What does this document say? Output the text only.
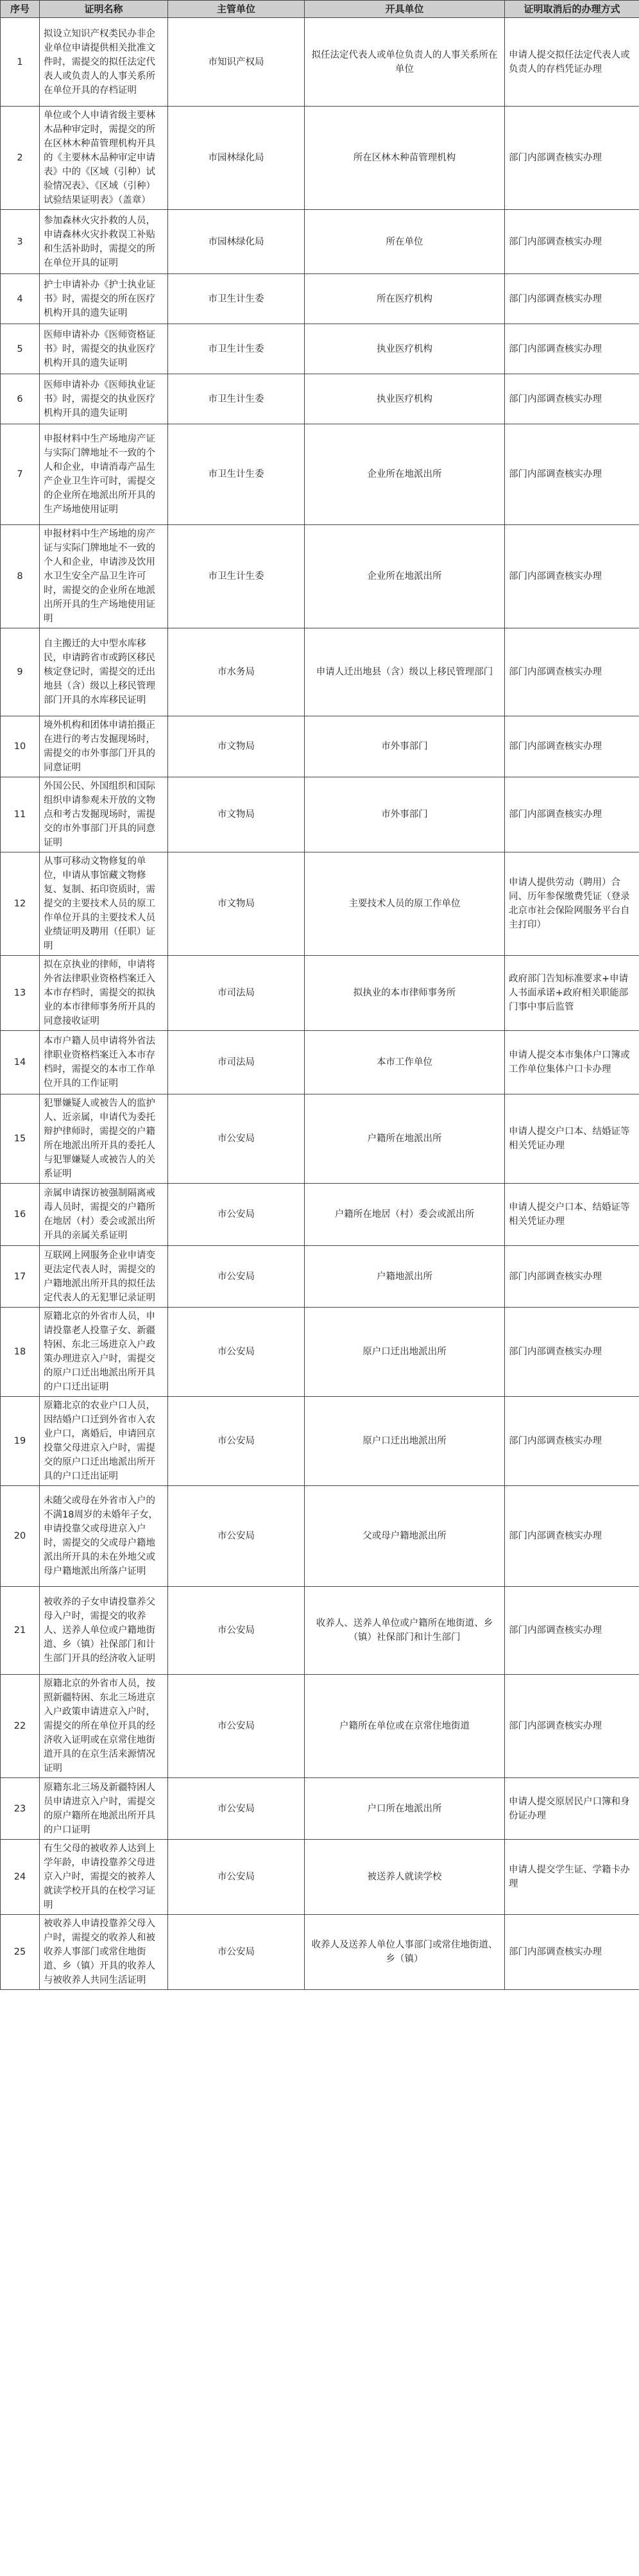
序号	证明名称	主管单位	开具单位	证明取消后的办理方式
1	拟设立知识产权类民办非企业单位申请提供相关批准文件时，需提交的拟任法定代表人或负责人的人事关系所在单位开具的存档证明	市知识产权局	拟任法定代表人或单位负责人的人事关系所在单位	申请人提交拟任法定代表人或负责人的存档凭证办理
2	单位或个人申请省级主要林木品种审定时，需提交的所在区林木种苗管理机构开具的《主要林木品种审定申请表》中的《区域（引种）试验情况表》、《区域（引种）试验结果证明表》（盖章）	市园林绿化局	所在区林木种苗管理机构	部门内部调查核实办理
3	参加森林火灾扑救的人员，申请森林火灾扑救误工补贴和生活补助时，需提交的所在单位开具的证明	市园林绿化局	所在单位	部门内部调查核实办理
4	护士申请补办《护士执业证书》时，需提交的所在医疗机构开具的遗失证明	市卫生计生委	所在医疗机构	部门内部调查核实办理
5	医师申请补办《医师资格证书》时，需提交的执业医疗机构开具的遗失证明	市卫生计生委	执业医疗机构	部门内部调查核实办理
6	医师申请补办《医师执业证书》时，需提交的执业医疗机构开具的遗失证明	市卫生计生委	执业医疗机构	部门内部调查核实办理
7	申报材料中生产场地房产证与实际门牌地址不一致的个人和企业，申请消毒产品生产企业卫生许可时，需提交的企业所在地派出所开具的生产场地使用证明	市卫生计生委	企业所在地派出所	部门内部调查核实办理
8	申报材料中生产场地的房产证与实际门牌地址不一致的个人和企业，申请涉及饮用水卫生安全产品卫生许可时，需提交的企业所在地派出所开具的生产场地使用证明	市卫生计生委	企业所在地派出所	部门内部调查核实办理
9	自主搬迁的大中型水库移民，申请跨省市或跨区移民核定登记时，需提交的迁出地县（含）级以上移民管理部门开具的水库移民证明	市水务局	申请人迁出地县（含）级以上移民管理部门	部门内部调查核实办理
10	境外机构和团体申请拍摄正在进行的考古发掘现场时，需提交的市外事部门开具的同意证明	市文物局	市外事部门	部门内部调查核实办理
11	外国公民、外国组织和国际组织申请参观未开放的文物点和考古发掘现场时，需提交的市外事部门开具的同意证明	市文物局	市外事部门	部门内部调查核实办理
12	从事可移动文物修复的单位，申请从事馆藏文物修复、复制、拓印资质时，需提交的主要技术人员的原工作单位开具的主要技术人员业绩证明及聘用（任职）证明	市文物局	主要技术人员的原工作单位	申请人提供劳动（聘用）合同、历年参保缴费凭证（登录北京市社会保险网服务平台自主打印）
13	拟在京执业的律师，申请将外省法律职业资格档案迁入本市存档时，需提交的拟执业的本市律师事务所开具的同意接收证明	市司法局	拟执业的本市律师事务所	政府部门告知标准要求+申请人书面承诺+政府相关职能部门事中事后监管
14	本市户籍人员申请将外省法律职业资格档案迁入本市存档时，需提交的本市工作单位开具的工作证明	市司法局	本市工作单位	申请人提交本市集体户口簿或工作单位集体户口卡办理
15	犯罪嫌疑人或被告人的监护人、近亲属，申请代为委托辩护律师时，需提交的户籍所在地派出所开具的委托人与犯罪嫌疑人或被告人的关系证明	市公安局	户籍所在地派出所	申请人提交户口本、结婚证等相关凭证办理
16	亲属申请探访被强制隔离戒毒人员时，需提交的户籍所在地居（村）委会或派出所开具的亲属关系证明	市公安局	户籍所在地居（村）委会或派出所	申请人提交户口本、结婚证等相关凭证办理
17	互联网上网服务企业申请变更法定代表人时，需提交的户籍地派出所开具的拟任法定代表人的无犯罪记录证明	市公安局	户籍地派出所	部门内部调查核实办理
18	原籍北京的外省市人员，申请投靠老人投靠子女、新疆特困、东北三场进京入户政策办理进京入户时，需提交的原户口迁出地派出所开具的户口迁出证明	市公安局	原户口迁出地派出所	部门内部调查核实办理
19	原籍北京的农业户口人员，因结婚户口迁到外省市入农业户口，离婚后，申请回京投靠父母进京入户时，需提交的原户口迁出地派出所开具的户口迁出证明	市公安局	原户口迁出地派出所	部门内部调查核实办理
20	未随父或母在外省市入户的不满18周岁的未婚年子女，申请投靠父或母进京入户时，需提交的父或母户籍地派出所开具的未在外地父或母户籍地派出所落户证明	市公安局	父或母户籍地派出所	部门内部调查核实办理
21	被收养的子女申请投靠养父母入户时，需提交的收养人、送养人单位或户籍地街道、乡（镇）社保部门和计生部门开具的经济收入证明	市公安局	收养人、送养人单位或户籍所在地街道、乡（镇）社保部门和计生部门	部门内部调查核实办理
22	原籍北京的外省市人员，按照新疆特困、东北三场进京入户政策申请进京入户时，需提交的所在单位开具的经济收入证明或在京常住地街道开具的在京生活来源情况证明	市公安局	户籍所在单位或在京常住地街道	部门内部调查核实办理
23	原籍东北三场及新疆特困人员申请进京入户时，需提交的原户籍所在地派出所开具的户口证明	市公安局	户口所在地派出所	申请人提交原居民户口簿和身份证办理
24	有生父母的被收养人达到上学年龄，申请投靠养父母进京入户时，需提交的被养人就读学校开具的在校学习证明	市公安局	被送养人就读学校	申请人提交学生证、学籍卡办理
25	被收养人申请投靠养父母入户时，需提交的收养人和被收养人事部门或常住地街道、乡（镇）开具的收养人与被收养人共同生活证明	市公安局	收养人及送养人单位人事部门或常住地街道、乡（镇）	部门内部调查核实办理
